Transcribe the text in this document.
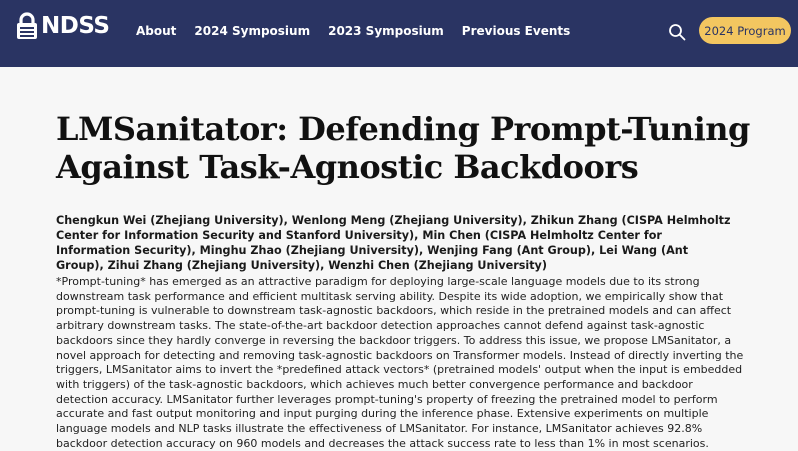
NDSS About 2024 Symposium 2023 Symposium Previous Events	2024 Program
LMSanitator: Defending Prompt-Tuning Against Task-Agnostic Backdoors

Chengkun Wei (Zhejiang University), Wenlong Meng (Zhejiang University), Zhikun Zhang (CISPA Helmholtz Center for Information Security and Stanford University), Min Chen (CISPA Helmholtz Center for Information Security), Minghu Zhao (Zhejiang University), Wenjing Fang (Ant Group), Lei Wang (Ant Group), Zihui Zhang (Zhejiang University), Wenzhi Chen (Zhejiang University)

*Prompt-tuning* has emerged as an attractive paradigm for deploying large-scale language models due to its strong downstream task performance and efficient multitask serving ability. Despite its wide adoption, we empirically show that prompt-tuning is vulnerable to downstream task-agnostic backdoors, which reside in the pretrained models and can affect arbitrary downstream tasks. The state-of-the-art backdoor detection approaches cannot defend against task-agnostic backdoors since they hardly converge in reversing the backdoor triggers. To address this issue, we propose LMSanitator, a novel approach for detecting and removing task-agnostic backdoors on Transformer models. Instead of directly inverting the triggers, LMSanitator aims to invert the *predefined attack vectors* (pretrained models' output when the input is embedded with triggers) of the task-agnostic backdoors, which achieves much better convergence performance and backdoor detection accuracy. LMSanitator further leverages prompt-tuning's property of freezing the pretrained model to perform accurate and fast output monitoring and input purging during the inference phase. Extensive experiments on multiple language models and NLP tasks illustrate the effectiveness of LMSanitator. For instance, LMSanitator achieves 92.8% backdoor detection accuracy on 960 models and decreases the attack success rate to less than 1% in most scenarios.
